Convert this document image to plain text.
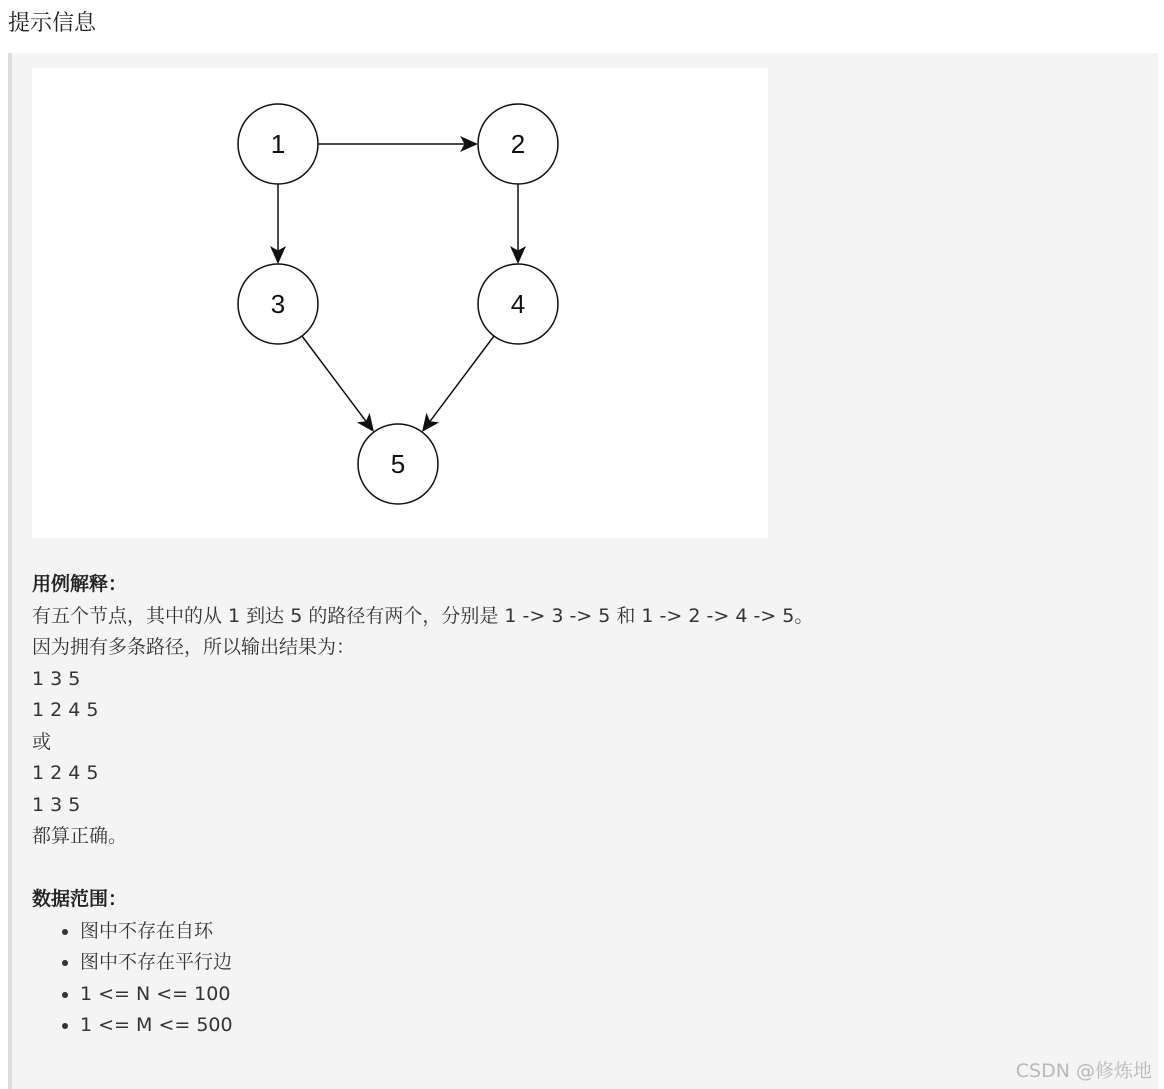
提示信息
1	2
3	4
5
用例解释：
有五个节点，其中的从 1 到达 5 的路径有两个，分别是 1 -> 3 -> 5 和 1 -> 2 -> 4 -> 5。
因为拥有多条路径，所以输出结果为：
1 3 5
1 2 4 5
或
1 2 4 5
1 3 5
都算正确。
数据范围：
• 图中不存在自环
• 图中不存在平行边
• 1 <= N <= 100
• 1 <= M <= 500
CSDN @修炼地
